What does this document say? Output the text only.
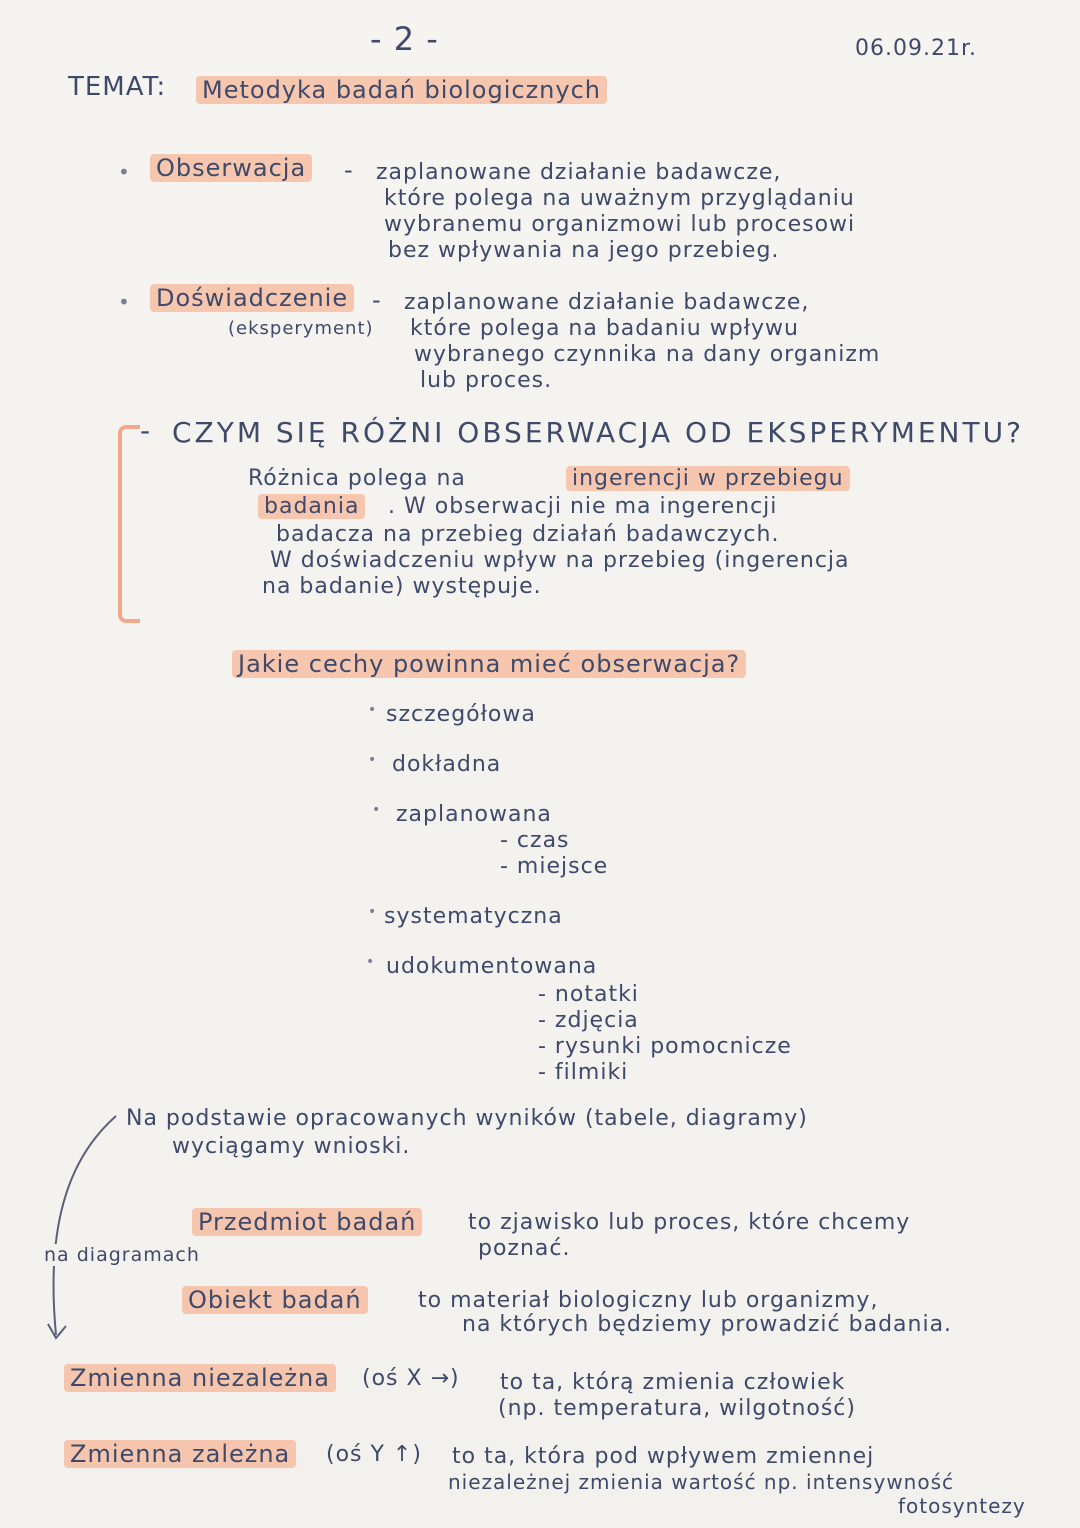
- 2 -	06.09.21r.
TEMAT: Metodyka badań biologicznych
• Obserwacja - zaplanowane działanie badawcze,
które polega na uważnym przyglądaniu
wybranemu organizmowi lub procesowi
bez wpływania na jego przebieg.
• Doświadczenie - zaplanowane działanie badawcze,
(eksperyment) które polega na badaniu wpływu
wybranego czynnika na dany organizm
lub proces.
- CZYM SIĘ RÓŻNI OBSERWACJA OD EKSPERYMENTU?
Różnica polega na	ingerencji w przebiegu
badania . W obserwacji nie ma ingerencji
badacza na przebieg działań badawczych.
W doświadczeniu wpływ na przebieg (ingerencja
na badanie) występuje.
Jakie cechy powinna mieć obserwacja?
• szczegółowa
• dokładna
• zaplanowana
- czas
- miejsce
• systematyczna
• udokumentowana
- notatki
- zdjęcia
- rysunki pomocnicze
- filmiki
Na podstawie opracowanych wyników (tabele, diagramy)
wyciągamy wnioski.
na diagramach
Przedmiot badań to zjawisko lub proces, które chcemy
poznać.
Obiekt badań	to materiał biologiczny lub organizmy,
na których będziemy prowadzić badania.
Zmienna niezależna (oś X →) to ta, którą zmienia człowiek
(np. temperatura, wilgotność)
Zmienna zależna (oś Y ↑) to ta, która pod wpływem zmiennej
niezależnej zmienia wartość np. intensywność
fotosyntezy
